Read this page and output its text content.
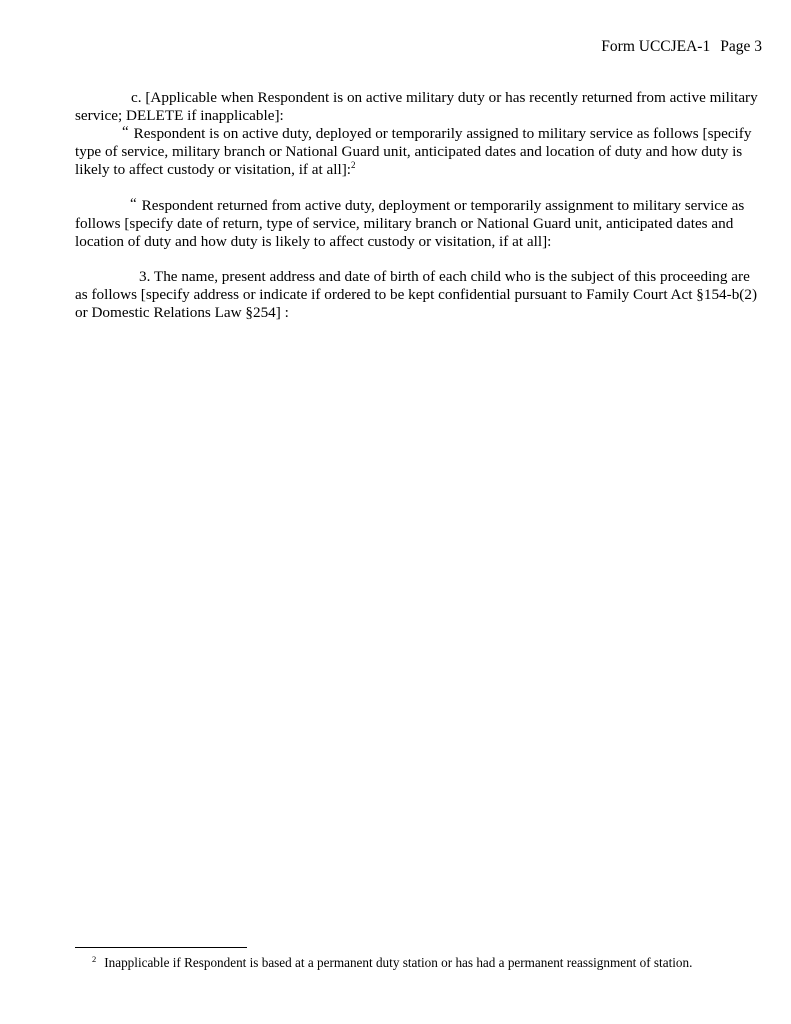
Form UCCJEA-1 Page 3
c. [Applicable when Respondent is on active military duty or has recently returned from active military service; DELETE if inapplicable]:
“ Respondent is on active duty, deployed or temporarily assigned to military service as follows [specify type of service, military branch or National Guard unit, anticipated dates and location of duty and how duty is likely to affect custody or visitation, if at all]:$^2$
“ Respondent returned from active duty, deployment or temporarily assignment to military service as follows [specify date of return, type of service, military branch or National Guard unit, anticipated dates and location of duty and how duty is likely to affect custody or visitation, if at all]:
3. The name, present address and date of birth of each child who is the subject of this proceeding are as follows [specify address or indicate if ordered to be kept confidential pursuant to Family Court Act §154-b(2) or Domestic Relations Law §254] :
$^2$ Inapplicable if Respondent is based at a permanent duty station or has had a permanent reassignment of station.
